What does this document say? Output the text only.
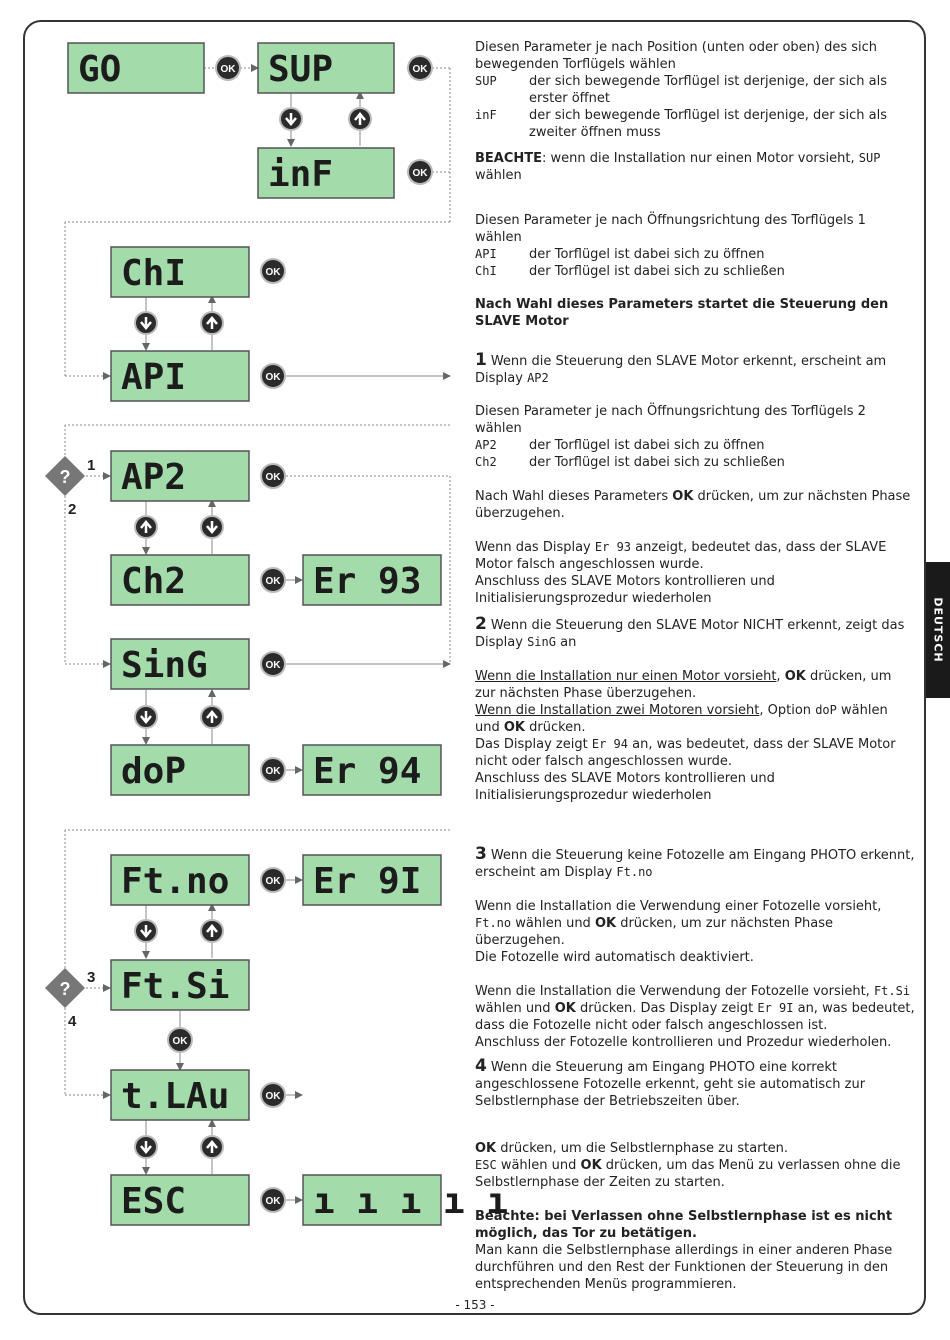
GO	SUP
inF
ChI
API
AP2
Ch2	Er 93
SinG
doP	Er 94
Ft.no Er 9I
Ft.Si
t.LAu
ESC	ı ı ı ı ı
OK	OK
OK
OK
OK
OK
OK
OK
OK
OK
OK
OK
OK
?
1
2
?
3
4

Diesen Parameter je nach Position (unten oder oben) des sich bewegenden Torflügels wählen

SUP	der sich bewegende Torflügel ist derjenige, der sich als erster öffnet
inF	der sich bewegende Torflügel ist derjenige, der sich als zweiter öffnen muss

BEACHTE: wenn die Installation nur einen Motor vorsieht, SUP wählen

Diesen Parameter je nach Öffnungsrichtung des Torflügels 1 wählen

API	der Torflügel ist dabei sich zu öffnen
ChI	der Torflügel ist dabei sich zu schließen

Nach Wahl dieses Parameters startet die Steuerung den SLAVE Motor

1 Wenn die Steuerung den SLAVE Motor erkennt, erscheint am Display AP2

Diesen Parameter je nach Öffnungsrichtung des Torflügels 2 wählen

AP2	der Torflügel ist dabei sich zu öffnen
Ch2	der Torflügel ist dabei sich zu schließen

Nach Wahl dieses Parameters OK drücken, um zur nächsten Phase überzugehen.

Wenn das Display Er 93 anzeigt, bedeutet das, dass der SLAVE Motor falsch angeschlossen wurde.

Anschluss des SLAVE Motors kontrollieren und Initialisierungsprozedur wiederholen

2 Wenn die Steuerung den SLAVE Motor NICHT erkennt, zeigt das Display SinG an

Wenn die Installation nur einen Motor vorsieht, OK drücken, um zur nächsten Phase überzugehen.

Wenn die Installation zwei Motoren vorsieht, Option doP wählen und OK drücken.

Das Display zeigt Er 94 an, was bedeutet, dass der SLAVE Motor nicht oder falsch angeschlossen wurde.

Anschluss des SLAVE Motors kontrollieren und Initialisierungsprozedur wiederholen

3 Wenn die Steuerung keine Fotozelle am Eingang PHOTO erkennt, erscheint am Display Ft.no

Wenn die Installation die Verwendung einer Fotozelle vorsieht, Ft.no wählen und OK drücken, um zur nächsten Phase überzugehen.

Die Fotozelle wird automatisch deaktiviert.

Wenn die Installation die Verwendung der Fotozelle vorsieht, Ft.Si wählen und OK drücken. Das Display zeigt Er 9I an, was bedeutet, dass die Fotozelle nicht oder falsch angeschlossen ist.

Anschluss der Fotozelle kontrollieren und Prozedur wiederholen.

4 Wenn die Steuerung am Eingang PHOTO eine korrekt angeschlossene Fotozelle erkennt, geht sie automatisch zur Selbstlernphase der Betriebszeiten über.

OK drücken, um die Selbstlernphase zu starten.

ESC wählen und OK drücken, um das Menü zu verlassen ohne die Selbstlernphase der Zeiten zu starten.

Beachte: bei Verlassen ohne Selbstlernphase ist es nicht möglich, das Tor zu betätigen.

Man kann die Selbstlernphase allerdings in einer anderen Phase durchführen und den Rest der Funktionen der Steuerung in den entsprechenden Menüs programmieren.

DEUTSCH
- 153 -
